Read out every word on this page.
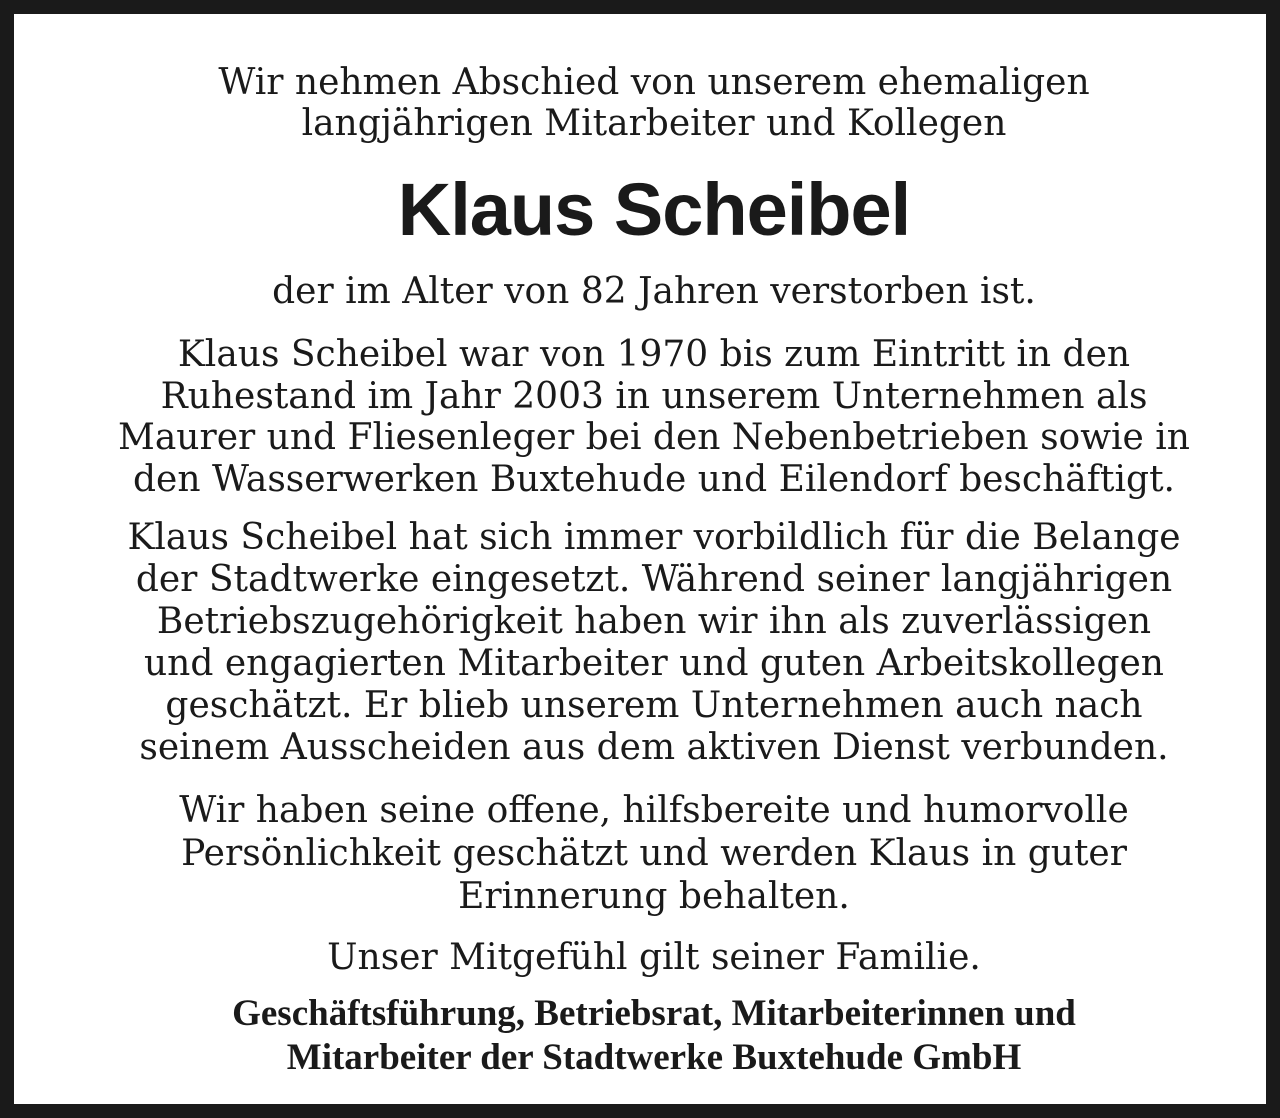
Wir nehmen Abschied von unserem ehemaligen
langjährigen Mitarbeiter und Kollegen

Klaus Scheibel

der im Alter von 82 Jahren verstorben ist.

Klaus Scheibel war von 1970 bis zum Eintritt in den
Ruhestand im Jahr 2003 in unserem Unternehmen als
Maurer und Fliesenleger bei den Nebenbetrieben sowie in
den Wasserwerken Buxtehude und Eilendorf beschäftigt.

Klaus Scheibel hat sich immer vorbildlich für die Belange
der Stadtwerke eingesetzt. Während seiner langjährigen
Betriebszugehörigkeit haben wir ihn als zuverlässigen
und engagierten Mitarbeiter und guten Arbeitskollegen
geschätzt. Er blieb unserem Unternehmen auch nach
seinem Ausscheiden aus dem aktiven Dienst verbunden.

Wir haben seine offene, hilfsbereite und humorvolle
Persönlichkeit geschätzt und werden Klaus in guter
Erinnerung behalten.

Unser Mitgefühl gilt seiner Familie.

Geschäftsführung, Betriebsrat, Mitarbeiterinnen und
Mitarbeiter der Stadtwerke Buxtehude GmbH
